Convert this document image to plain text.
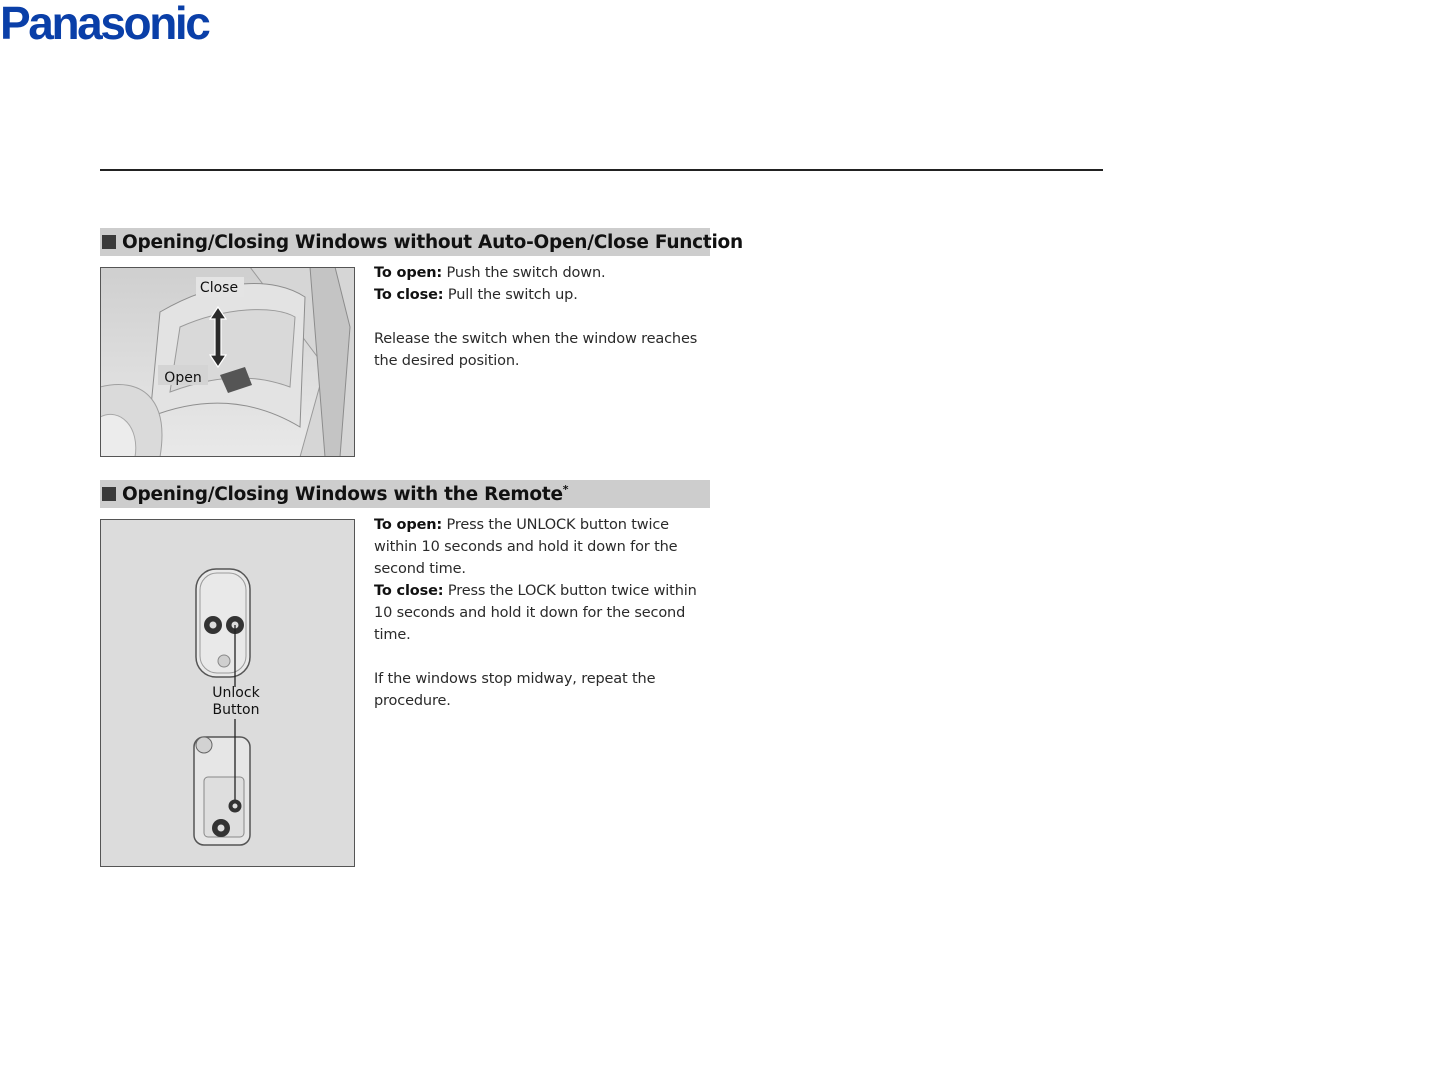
Panasonic
Opening/Closing Windows without Auto-Open/Close Function
Close
Open

To open: Push the switch down.

To close: Pull the switch up.

Release the switch when the window reaches the desired position.

Opening/Closing Windows with the Remote*
Unlock
Button

To open: Press the UNLOCK button twice within 10 seconds and hold it down for the second time.

To close: Press the LOCK button twice within 10 seconds and hold it down for the second time.

If the windows stop midway, repeat the procedure.
